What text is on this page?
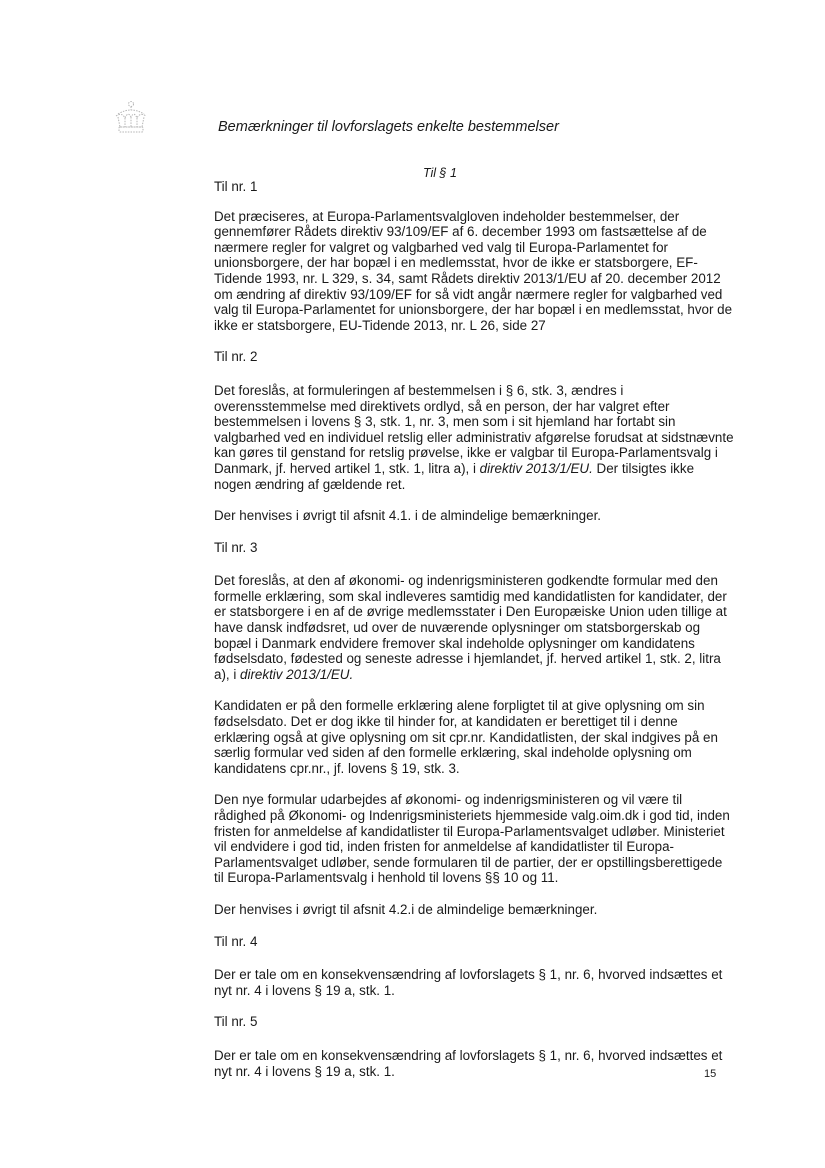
Bemærkninger til lovforslagets enkelte bestemmelser
Til § 1

Til nr. 1

Det præciseres, at Europa-Parlamentsvalgloven indeholder bestemmelser, der gennemfører Rådets direktiv 93/109/EF af 6. december 1993 om fastsættelse af de nærmere regler for valgret og valgbarhed ved valg til Europa-Parlamentet for unionsborgere, der har bopæl i en medlemsstat, hvor de ikke er statsborgere, EF-Tidende 1993, nr. L 329, s. 34, samt Rådets direktiv 2013/1/EU af 20. december 2012 om ændring af direktiv 93/109/EF for så vidt angår nærmere regler for valgbarhed ved valg til Europa-Parlamentet for unionsborgere, der har bopæl i en medlemsstat, hvor de ikke er statsborgere, EU-Tidende 2013, nr. L 26, side 27

Til nr. 2

Det foreslås, at formuleringen af bestemmelsen i § 6, stk. 3, ændres i overensstemmelse med direktivets ordlyd, så en person, der har valgret efter bestemmelsen i lovens § 3, stk. 1, nr. 3, men som i sit hjemland har fortabt sin valgbarhed ved en individuel retslig eller administrativ afgørelse forudsat at sidstnævnte kan gøres til genstand for retslig prøvelse, ikke er valgbar til Europa-Parlamentsvalg i Danmark, jf. herved artikel 1, stk. 1, litra a), i direktiv 2013/1/EU. Der tilsigtes ikke nogen ændring af gældende ret.

Der henvises i øvrigt til afsnit 4.1. i de almindelige bemærkninger.

Til nr. 3

Det foreslås, at den af økonomi- og indenrigsministeren godkendte formular med den formelle erklæring, som skal indleveres samtidig med kandidatlisten for kandidater, der er statsborgere i en af de øvrige medlemsstater i Den Europæiske Union uden tillige at have dansk indfødsret, ud over de nuværende oplysninger om statsborgerskab og bopæl i Danmark endvidere fremover skal indeholde oplysninger om kandidatens fødselsdato, fødested og seneste adresse i hjemlandet, jf. herved artikel 1, stk. 2, litra a), i direktiv 2013/1/EU.

Kandidaten er på den formelle erklæring alene forpligtet til at give oplysning om sin fødselsdato. Det er dog ikke til hinder for, at kandidaten er berettiget til i denne erklæring også at give oplysning om sit cpr.nr. Kandidatlisten, der skal indgives på en særlig formular ved siden af den formelle erklæring, skal indeholde oplysning om kandidatens cpr.nr., jf. lovens § 19, stk. 3.

Den nye formular udarbejdes af økonomi- og indenrigsministeren og vil være til rådighed på Økonomi- og Indenrigsministeriets hjemmeside valg.oim.dk i god tid, inden fristen for anmeldelse af kandidatlister til Europa-Parlamentsvalget udløber. Ministeriet vil endvidere i god tid, inden fristen for anmeldelse af kandidatlister til Europa-Parlamentsvalget udløber, sende formularen til de partier, der er opstillingsberettigede til Europa-Parlamentsvalg i henhold til lovens §§ 10 og 11.

Der henvises i øvrigt til afsnit 4.2.i de almindelige bemærkninger.

Til nr. 4

Der er tale om en konsekvensændring af lovforslagets § 1, nr. 6, hvorved indsættes et nyt nr. 4 i lovens § 19 a, stk. 1.

Til nr. 5

Der er tale om en konsekvensændring af lovforslagets § 1, nr. 6, hvorved indsættes et nyt nr. 4 i lovens § 19 a, stk. 1.	15
